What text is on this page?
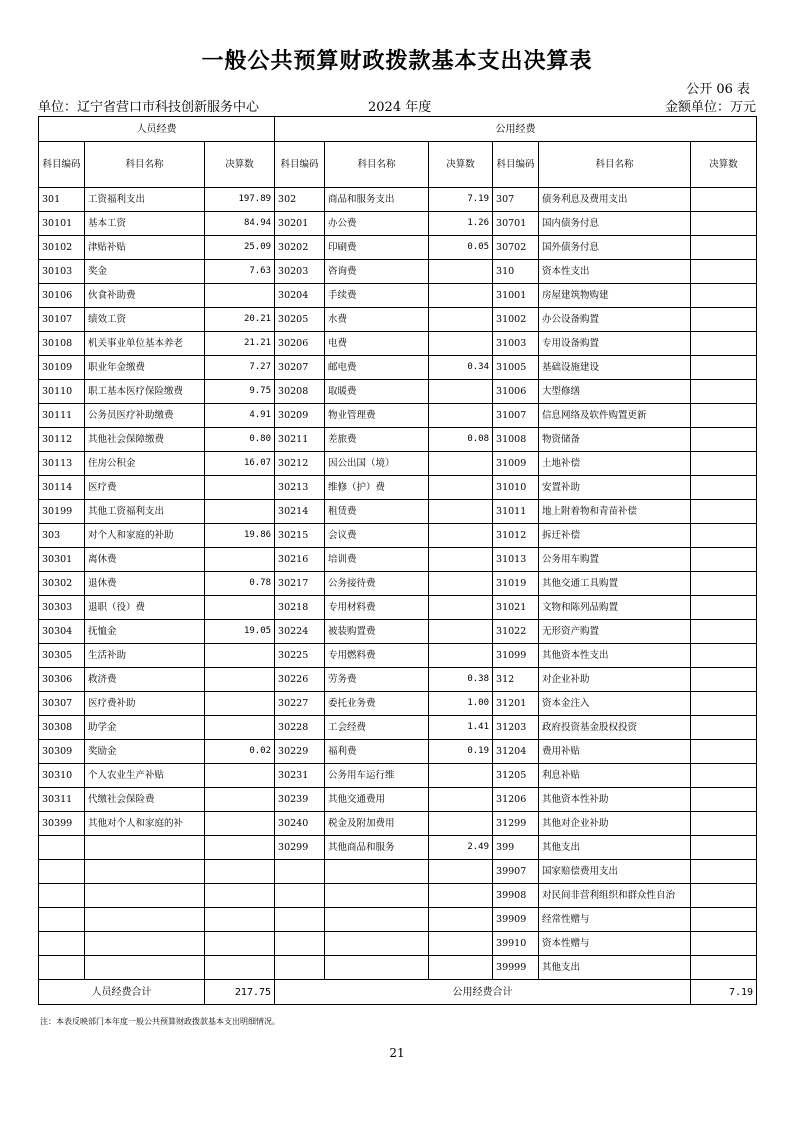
一般公共预算财政拨款基本支出决算表
公开 06 表
单位：辽宁省营口市科技创新服务中心	2024 年度	金额单位：万元
人员经费			公用经费					
科目编码	科目名称	决算数	科目编码	科目名称	决算数	科目编码	科目名称	决算数
301	工资福利支出	197.89	302	商品和服务支出	7.19	307	债务利息及费用支出	
30101	基本工资	84.94	30201	办公费	1.26	30701	国内债务付息	
30102	津贴补贴	25.09	30202	印刷费	0.05	30702	国外债务付息	
30103	奖金	7.63	30203	咨询费		310	资本性支出	
30106	伙食补助费		30204	手续费		31001	房屋建筑物购建	
30107	绩效工资	20.21	30205	水费		31002	办公设备购置	
30108	机关事业单位基本养老	21.21	30206	电费		31003	专用设备购置	
30109	职业年金缴费	7.27	30207	邮电费	0.34	31005	基础设施建设	
30110	职工基本医疗保险缴费	9.75	30208	取暖费		31006	大型修缮	
30111	公务员医疗补助缴费	4.91	30209	物业管理费		31007	信息网络及软件购置更新	
30112	其他社会保障缴费	0.80	30211	差旅费	0.08	31008	物资储备	
30113	住房公积金	16.07	30212	因公出国（境）		31009	土地补偿	
30114	医疗费		30213	维修（护）费		31010	安置补助	
30199	其他工资福利支出		30214	租赁费		31011	地上附着物和青苗补偿	
303	对个人和家庭的补助	19.86	30215	会议费		31012	拆迁补偿	
30301	离休费		30216	培训费		31013	公务用车购置	
30302	退休费	0.78	30217	公务接待费		31019	其他交通工具购置	
30303	退职（役）费		30218	专用材料费		31021	文物和陈列品购置	
30304	抚恤金	19.05	30224	被装购置费		31022	无形资产购置	
30305	生活补助		30225	专用燃料费		31099	其他资本性支出	
30306	救济费		30226	劳务费	0.38	312	对企业补助	
30307	医疗费补助		30227	委托业务费	1.00	31201	资本金注入	
30308	助学金		30228	工会经费	1.41	31203	政府投资基金股权投资	
30309	奖励金	0.02	30229	福利费	0.19	31204	费用补贴	
30310	个人农业生产补贴		30231	公务用车运行维		31205	利息补贴	
30311	代缴社会保险费		30239	其他交通费用		31206	其他资本性补助	
30399	其他对个人和家庭的补		30240	税金及附加费用		31299	其他对企业补助	
			30299	其他商品和服务	2.49	399	其他支出	
						39907	国家赔偿费用支出	
						39908	对民间非营利组织和群众性自治	
						39909	经常性赠与	
						39910	资本性赠与	
						39999	其他支出	
人员经费合计		217.75	公用经费合计					7.19
注：本表反映部门本年度一般公共预算财政拨款基本支出明细情况。
21
